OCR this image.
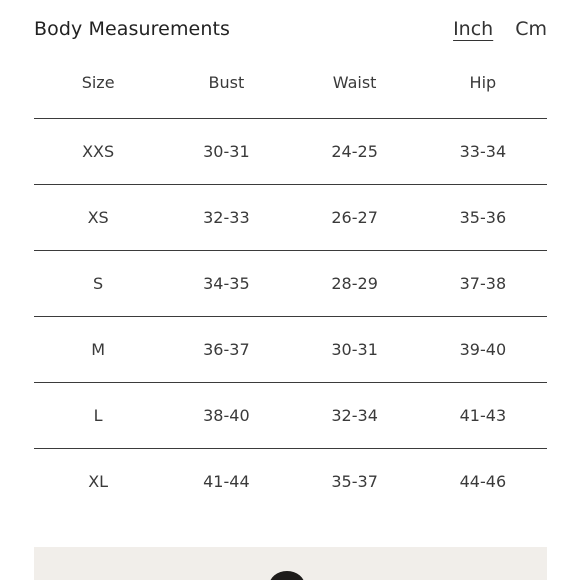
Body Measurements	Inch Cm
Size	Bust	Waist	Hip
XXS	30-31	24-25	33-34
XS	32-33	26-27	35-36
S	34-35	28-29	37-38
M	36-37	30-31	39-40
L	38-40	32-34	41-43
XL	41-44	35-37	44-46
